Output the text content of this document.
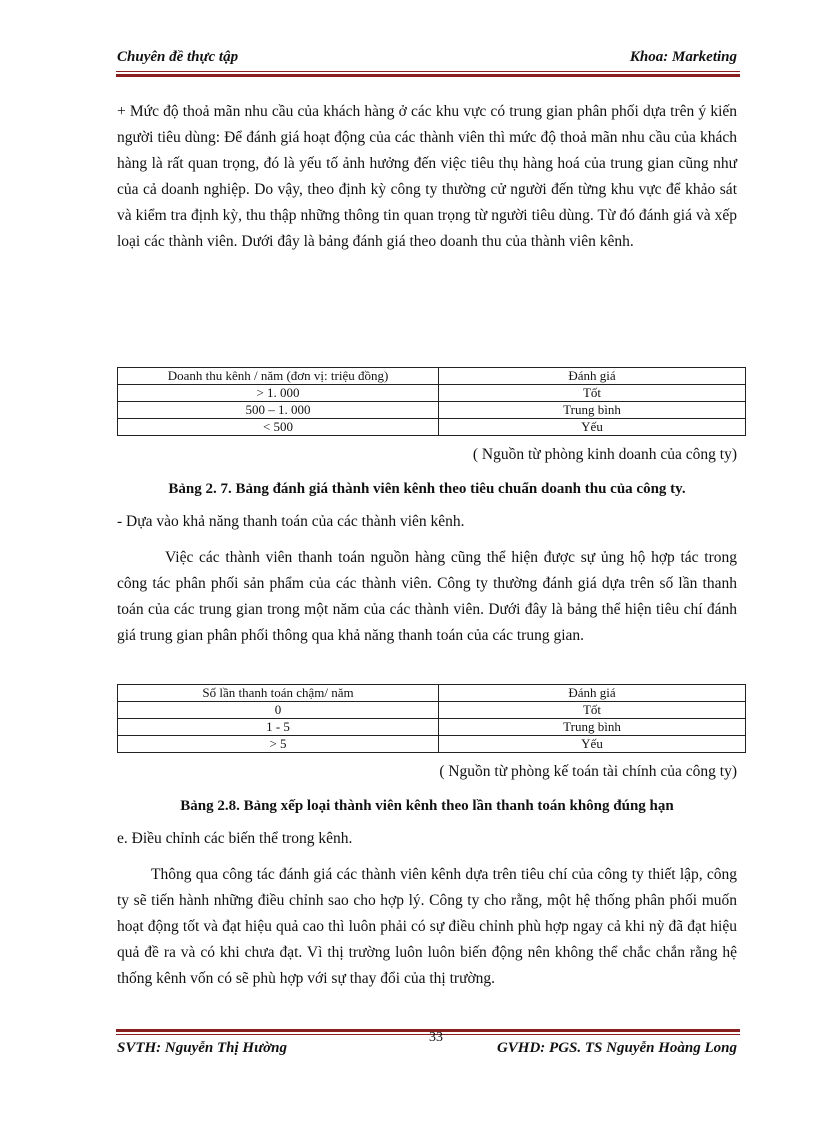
Chuyên đề thực tập	Khoa: Marketing

+ Mức độ thoả mãn nhu cầu của khách hàng ở các khu vực có trung gian phân phối dựa trên ý kiến người tiêu dùng: Để đánh giá hoạt động của các thành viên thì mức độ thoả mãn nhu cầu của khách hàng là rất quan trọng, đó là yếu tố ảnh hưởng đến việc tiêu thụ hàng hoá của trung gian cũng như của cả doanh nghiệp. Do vậy, theo định kỳ công ty thường cử người đến từng khu vực để khảo sát và kiểm tra định kỳ, thu thập những thông tin quan trọng từ người tiêu dùng. Từ đó đánh giá và xếp loại các thành viên. Dưới đây là bảng đánh giá theo doanh thu của thành viên kênh.

Doanh thu kênh / năm (đơn vị: triệu đồng)	Đánh giá
> 1. 000	Tốt
500 – 1. 000	Trung bình
< 500	Yếu
( Nguồn từ phòng kinh doanh của công ty)
Bảng 2. 7. Bảng đánh giá thành viên kênh theo tiêu chuẩn doanh thu của công ty.

- Dựa vào khả năng thanh toán của các thành viên kênh.

Việc các thành viên thanh toán nguồn hàng cũng thể hiện được sự ủng hộ hợp tác trong công tác phân phối sản phẩm của các thành viên. Công ty thường đánh giá dựa trên số lần thanh toán của các trung gian trong một năm của các thành viên. Dưới đây là bảng thể hiện tiêu chí đánh giá trung gian phân phối thông qua khả năng thanh toán của các trung gian.

Số lần thanh toán chậm/ năm	Đánh giá
0	Tốt
1 - 5	Trung bình
> 5	Yếu
( Nguồn từ phòng kế toán tài chính của công ty)
Bảng 2.8. Bảng xếp loại thành viên kênh theo lần thanh toán không đúng hạn

e. Điều chỉnh các biến thể trong kênh.

Thông qua công tác đánh giá các thành viên kênh dựa trên tiêu chí của công ty thiết lập, công ty sẽ tiến hành những điều chỉnh sao cho hợp lý. Công ty cho rằng, một hệ thống phân phối muốn hoạt động tốt và đạt hiệu quả cao thì luôn phải có sự điều chỉnh phù hợp ngay cả khi nỳ đã đạt hiệu quả đề ra và có khi chưa đạt. Vì thị trường luôn luôn biến động nên không thể chắc chắn rằng hệ thống kênh vốn có sẽ phù hợp với sự thay đổi của thị trường.

SVTH: Nguyễn Thị Hường
33
GVHD: PGS. TS Nguyễn Hoàng Long
